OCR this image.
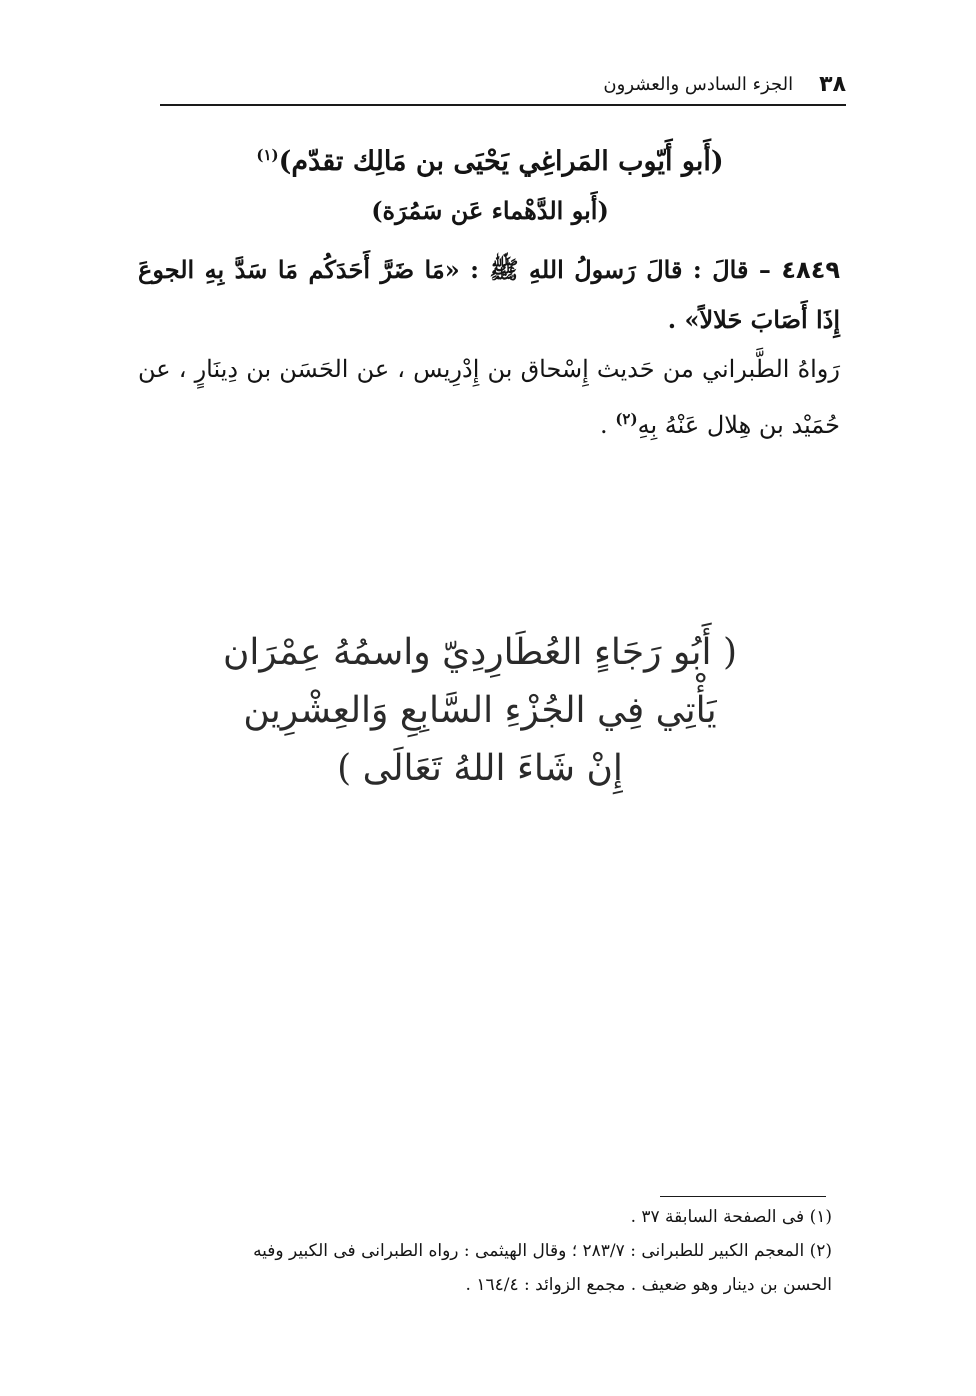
٣٨
الجزء السادس والعشرون
(أَبو أَيّوب المَراغِي يَحْيَى بن مَالِك تقدّم)$^{(١)}$
(أَبو الدَّهْماء عَن سَمُرَة)
٤٨٤٩ – قالَ : قالَ رَسولُ اللهِ ﷺ : «مَا ضَرَّ أَحَدَكُم مَا سَدَّ بِهِ الجوعَ إِذَا أَصَابَ حَلالاً» .
رَواهُ الطَّبراني من حَديث إِسْحاق بن إِدْرِيس ، عن الحَسَن بن دِينَارٍ ، عن حُمَيْد بن هِلال عَنْهُ بِهِ$^{(٢)}$ .
( أَبُو رَجَاءٍ العُطَارِدِيّ واسمُهُ عِمْرَان
يَأْتِي فِي الجُزْءِ السَّابِعِ وَالعِشْرِين
إِنْ شَاءَ اللهُ تَعَالَى )
(١) فى الصفحة السابقة ٣٧ .
(٢) المعجم الكبير للطبرانى : ٢٨٣/٧ ؛ وقال الهيثمى : رواه الطبرانى فى الكبير وفيه
الحسن بن دينار وهو ضعيف . مجمع الزوائد : ١٦٤/٤ .
